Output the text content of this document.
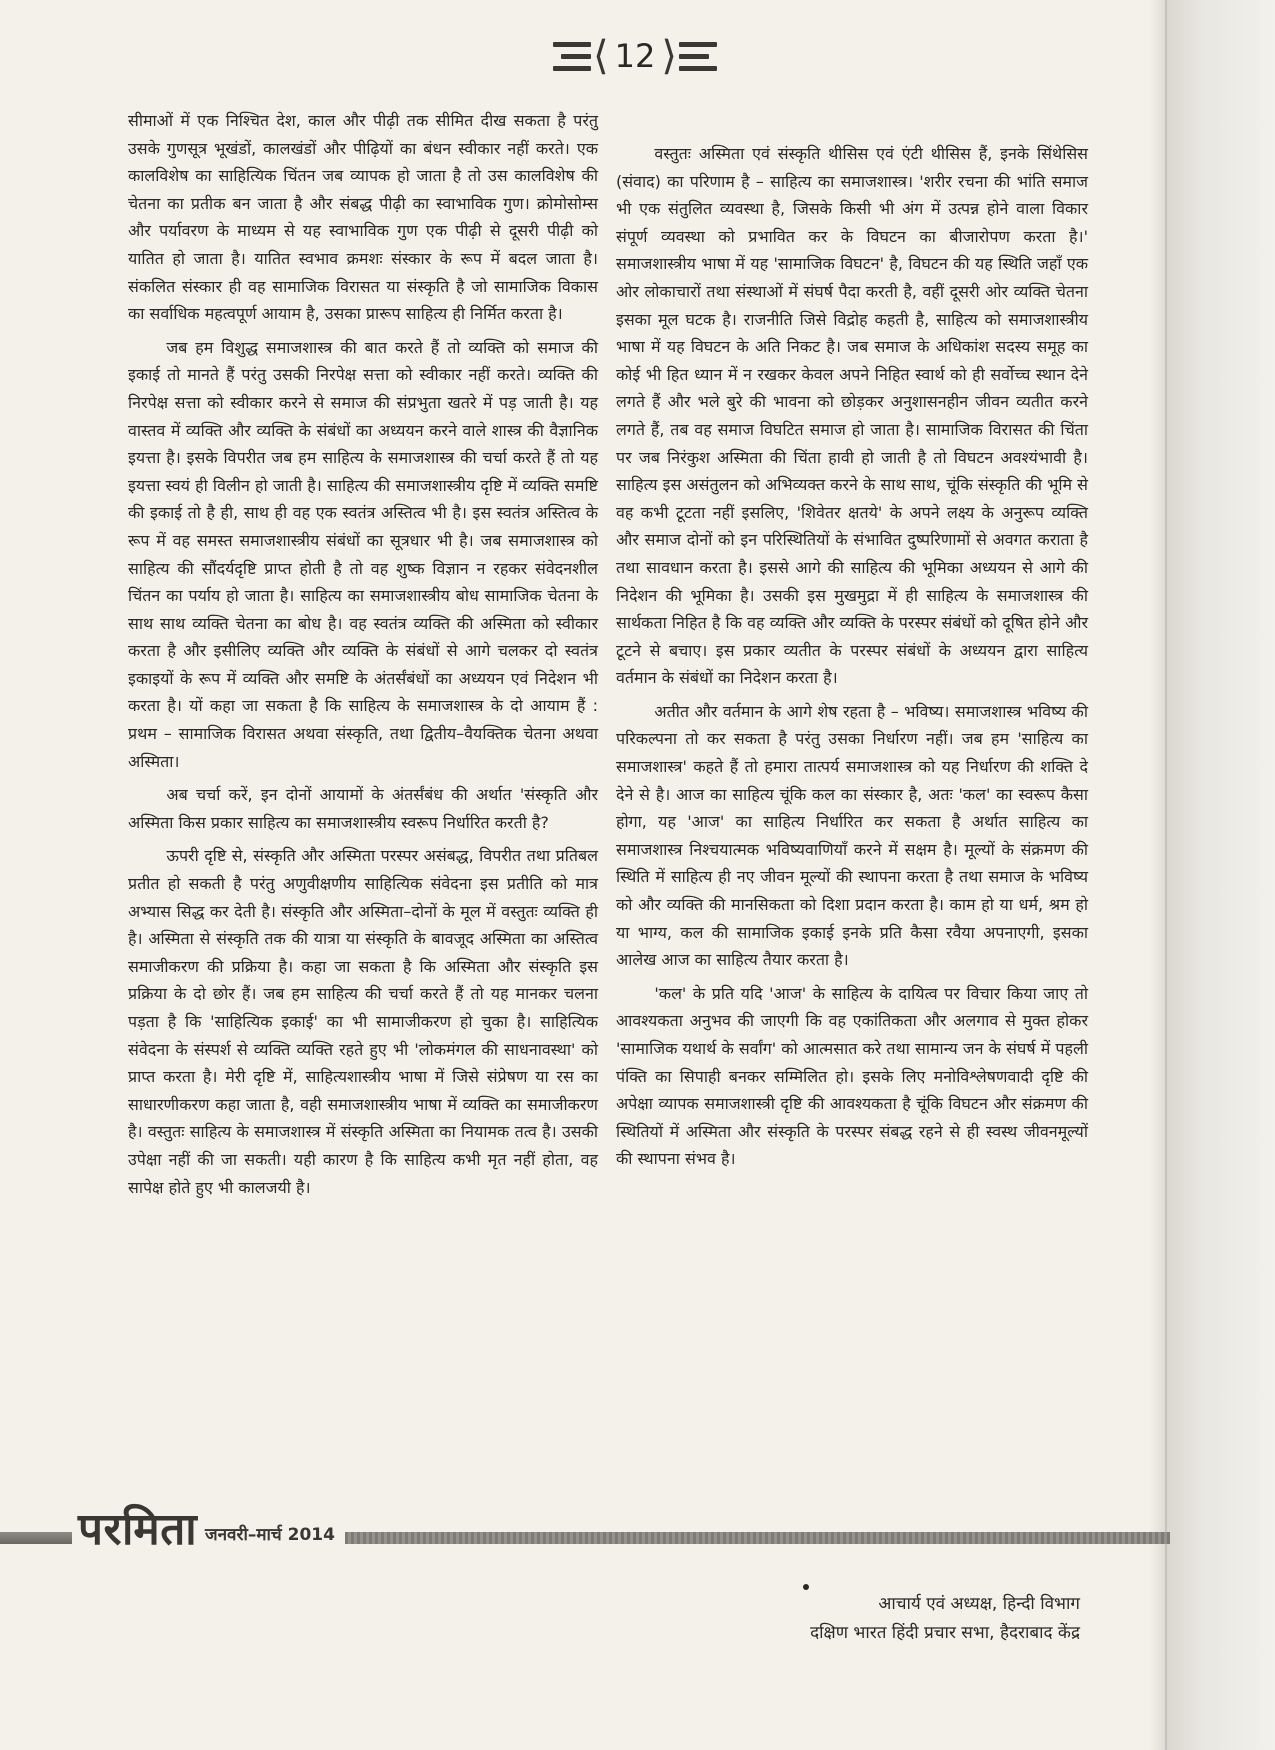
⟨ 12 ⟩

सीमाओं में एक निश्चित देश, काल और पीढ़ी तक सीमित दीख सकता है परंतु उसके गुणसूत्र भूखंडों, कालखंडों और पीढ़ियों का बंधन स्वीकार नहीं करते। एक कालविशेष का साहित्यिक चिंतन जब व्यापक हो जाता है तो उस कालविशेष की चेतना का प्रतीक बन जाता है और संबद्ध पीढ़ी का स्वाभाविक गुण। क्रोमोसोम्स और पर्यावरण के माध्यम से यह स्वाभाविक गुण एक पीढ़ी से दूसरी पीढ़ी को यातित हो जाता है। यातित स्वभाव क्रमशः संस्कार के रूप में बदल जाता है। संकलित संस्कार ही वह सामाजिक विरासत या संस्कृति है जो सामाजिक विकास का सर्वाधिक महत्वपूर्ण आयाम है, उसका प्रारूप साहित्य ही निर्मित करता है।

जब हम विशुद्ध समाजशास्त्र की बात करते हैं तो व्यक्ति को समाज की इकाई तो मानते हैं परंतु उसकी निरपेक्ष सत्ता को स्वीकार नहीं करते। व्यक्ति की निरपेक्ष सत्ता को स्वीकार करने से समाज की संप्रभुता खतरे में पड़ जाती है। यह वास्तव में व्यक्ति और व्यक्ति के संबंधों का अध्ययन करने वाले शास्त्र की वैज्ञानिक इयत्ता है। इसके विपरीत जब हम साहित्य के समाजशास्त्र की चर्चा करते हैं तो यह इयत्ता स्वयं ही विलीन हो जाती है। साहित्य की समाजशास्त्रीय दृष्टि में व्यक्ति समष्टि की इकाई तो है ही, साथ ही वह एक स्वतंत्र अस्तित्व भी है। इस स्वतंत्र अस्तित्व के रूप में वह समस्त समाजशास्त्रीय संबंधों का सूत्रधार भी है। जब समाजशास्त्र को साहित्य की सौंदर्यदृष्टि प्राप्त होती है तो वह शुष्क विज्ञान न रहकर संवेदनशील चिंतन का पर्याय हो जाता है। साहित्य का समाजशास्त्रीय बोध सामाजिक चेतना के साथ साथ व्यक्ति चेतना का बोध है। वह स्वतंत्र व्यक्ति की अस्मिता को स्वीकार करता है और इसीलिए व्यक्ति और व्यक्ति के संबंधों से आगे चलकर दो स्वतंत्र इकाइयों के रूप में व्यक्ति और समष्टि के अंतर्संबंधों का अध्ययन एवं निदेशन भी करता है। यों कहा जा सकता है कि साहित्य के समाजशास्त्र के दो आयाम हैं : प्रथम – सामाजिक विरासत अथवा संस्कृति, तथा द्वितीय–वैयक्तिक चेतना अथवा अस्मिता।

अब चर्चा करें, इन दोनों आयामों के अंतर्संबंध की अर्थात 'संस्कृति और अस्मिता किस प्रकार साहित्य का समाजशास्त्रीय स्वरूप निर्धारित करती है?

ऊपरी दृष्टि से, संस्कृति और अस्मिता परस्पर असंबद्ध, विपरीत तथा प्रतिबल प्रतीत हो सकती है परंतु अणुवीक्षणीय साहित्यिक संवेदना इस प्रतीति को मात्र अभ्यास सिद्ध कर देती है। संस्कृति और अस्मिता–दोनों के मूल में वस्तुतः व्यक्ति ही है। अस्मिता से संस्कृति तक की यात्रा या संस्कृति के बावजूद अस्मिता का अस्तित्व समाजीकरण की प्रक्रिया है। कहा जा सकता है कि अस्मिता और संस्कृति इस प्रक्रिया के दो छोर हैं। जब हम साहित्य की चर्चा करते हैं तो यह मानकर चलना पड़ता है कि 'साहित्यिक इकाई' का भी सामाजीकरण हो चुका है। साहित्यिक संवेदना के संस्पर्श से व्यक्ति व्यक्ति रहते हुए भी 'लोकमंगल की साधनावस्था' को प्राप्त करता है। मेरी दृष्टि में, साहित्यशास्त्रीय भाषा में जिसे संप्रेषण या रस का साधारणीकरण कहा जाता है, वही समाजशास्त्रीय भाषा में व्यक्ति का समाजीकरण है। वस्तुतः साहित्य के समाजशास्त्र में संस्कृति अस्मिता का नियामक तत्व है। उसकी उपेक्षा नहीं की जा सकती। यही कारण है कि साहित्य कभी मृत नहीं होता, वह सापेक्ष होते हुए भी कालजयी है।

वस्तुतः अस्मिता एवं संस्कृति थीसिस एवं एंटी थीसिस हैं, इनके सिंथेसिस (संवाद) का परिणाम है – साहित्य का समाजशास्त्र। 'शरीर रचना की भांति समाज भी एक संतुलित व्यवस्था है, जिसके किसी भी अंग में उत्पन्न होने वाला विकार संपूर्ण व्यवस्था को प्रभावित कर के विघटन का बीजारोपण करता है।' समाजशास्त्रीय भाषा में यह 'सामाजिक विघटन' है, विघटन की यह स्थिति जहाँ एक ओर लोकाचारों तथा संस्थाओं में संघर्ष पैदा करती है, वहीं दूसरी ओर व्यक्ति चेतना इसका मूल घटक है। राजनीति जिसे विद्रोह कहती है, साहित्य को समाजशास्त्रीय भाषा में यह विघटन के अति निकट है। जब समाज के अधिकांश सदस्य समूह का कोई भी हित ध्यान में न रखकर केवल अपने निहित स्वार्थ को ही सर्वोच्च स्थान देने लगते हैं और भले बुरे की भावना को छोड़कर अनुशासनहीन जीवन व्यतीत करने लगते हैं, तब वह समाज विघटित समाज हो जाता है। सामाजिक विरासत की चिंता पर जब निरंकुश अस्मिता की चिंता हावी हो जाती है तो विघटन अवश्यंभावी है। साहित्य इस असंतुलन को अभिव्यक्त करने के साथ साथ, चूंकि संस्कृति की भूमि से वह कभी टूटता नहीं इसलिए, 'शिवेतर क्षतये' के अपने लक्ष्य के अनुरूप व्यक्ति और समाज दोनों को इन परिस्थितियों के संभावित दुष्परिणामों से अवगत कराता है तथा सावधान करता है। इससे आगे की साहित्य की भूमिका अध्ययन से आगे की निदेशन की भूमिका है। उसकी इस मुखमुद्रा में ही साहित्य के समाजशास्त्र की सार्थकता निहित है कि वह व्यक्ति और व्यक्ति के परस्पर संबंधों को दूषित होने और टूटने से बचाए। इस प्रकार व्यतीत के परस्पर संबंधों के अध्ययन द्वारा साहित्य वर्तमान के संबंधों का निदेशन करता है।

अतीत और वर्तमान के आगे शेष रहता है – भविष्य। समाजशास्त्र भविष्य की परिकल्पना तो कर सकता है परंतु उसका निर्धारण नहीं। जब हम 'साहित्य का समाजशास्त्र' कहते हैं तो हमारा तात्पर्य समाजशास्त्र को यह निर्धारण की शक्ति दे देने से है। आज का साहित्य चूंकि कल का संस्कार है, अतः 'कल' का स्वरूप कैसा होगा, यह 'आज' का साहित्य निर्धारित कर सकता है अर्थात साहित्य का समाजशास्त्र निश्चयात्मक भविष्यवाणियाँ करने में सक्षम है। मूल्यों के संक्रमण की स्थिति में साहित्य ही नए जीवन मूल्यों की स्थापना करता है तथा समाज के भविष्य को और व्यक्ति की मानसिकता को दिशा प्रदान करता है। काम हो या धर्म, श्रम हो या भाग्य, कल की सामाजिक इकाई इनके प्रति कैसा रवैया अपनाएगी, इसका आलेख आज का साहित्य तैयार करता है।

'कल' के प्रति यदि 'आज' के साहित्य के दायित्व पर विचार किया जाए तो आवश्यकता अनुभव की जाएगी कि वह एकांतिकता और अलगाव से मुक्त होकर 'सामाजिक यथार्थ के सर्वांग' को आत्मसात करे तथा सामान्य जन के संघर्ष में पहली पंक्ति का सिपाही बनकर सम्मिलित हो। इसके लिए मनोविश्लेषणवादी दृष्टि की अपेक्षा व्यापक समाजशास्त्री दृष्टि की आवश्यकता है चूंकि विघटन और संक्रमण की स्थितियों में अस्मिता और संस्कृति के परस्पर संबद्ध रहने से ही स्वस्थ जीवनमूल्यों की स्थापना संभव है।

आचार्य एवं अध्यक्ष, हिन्दी विभाग
दक्षिण भारत हिंदी प्रचार सभा, हैदराबाद केंद्र
परमिता जनवरी–मार्च 2014
